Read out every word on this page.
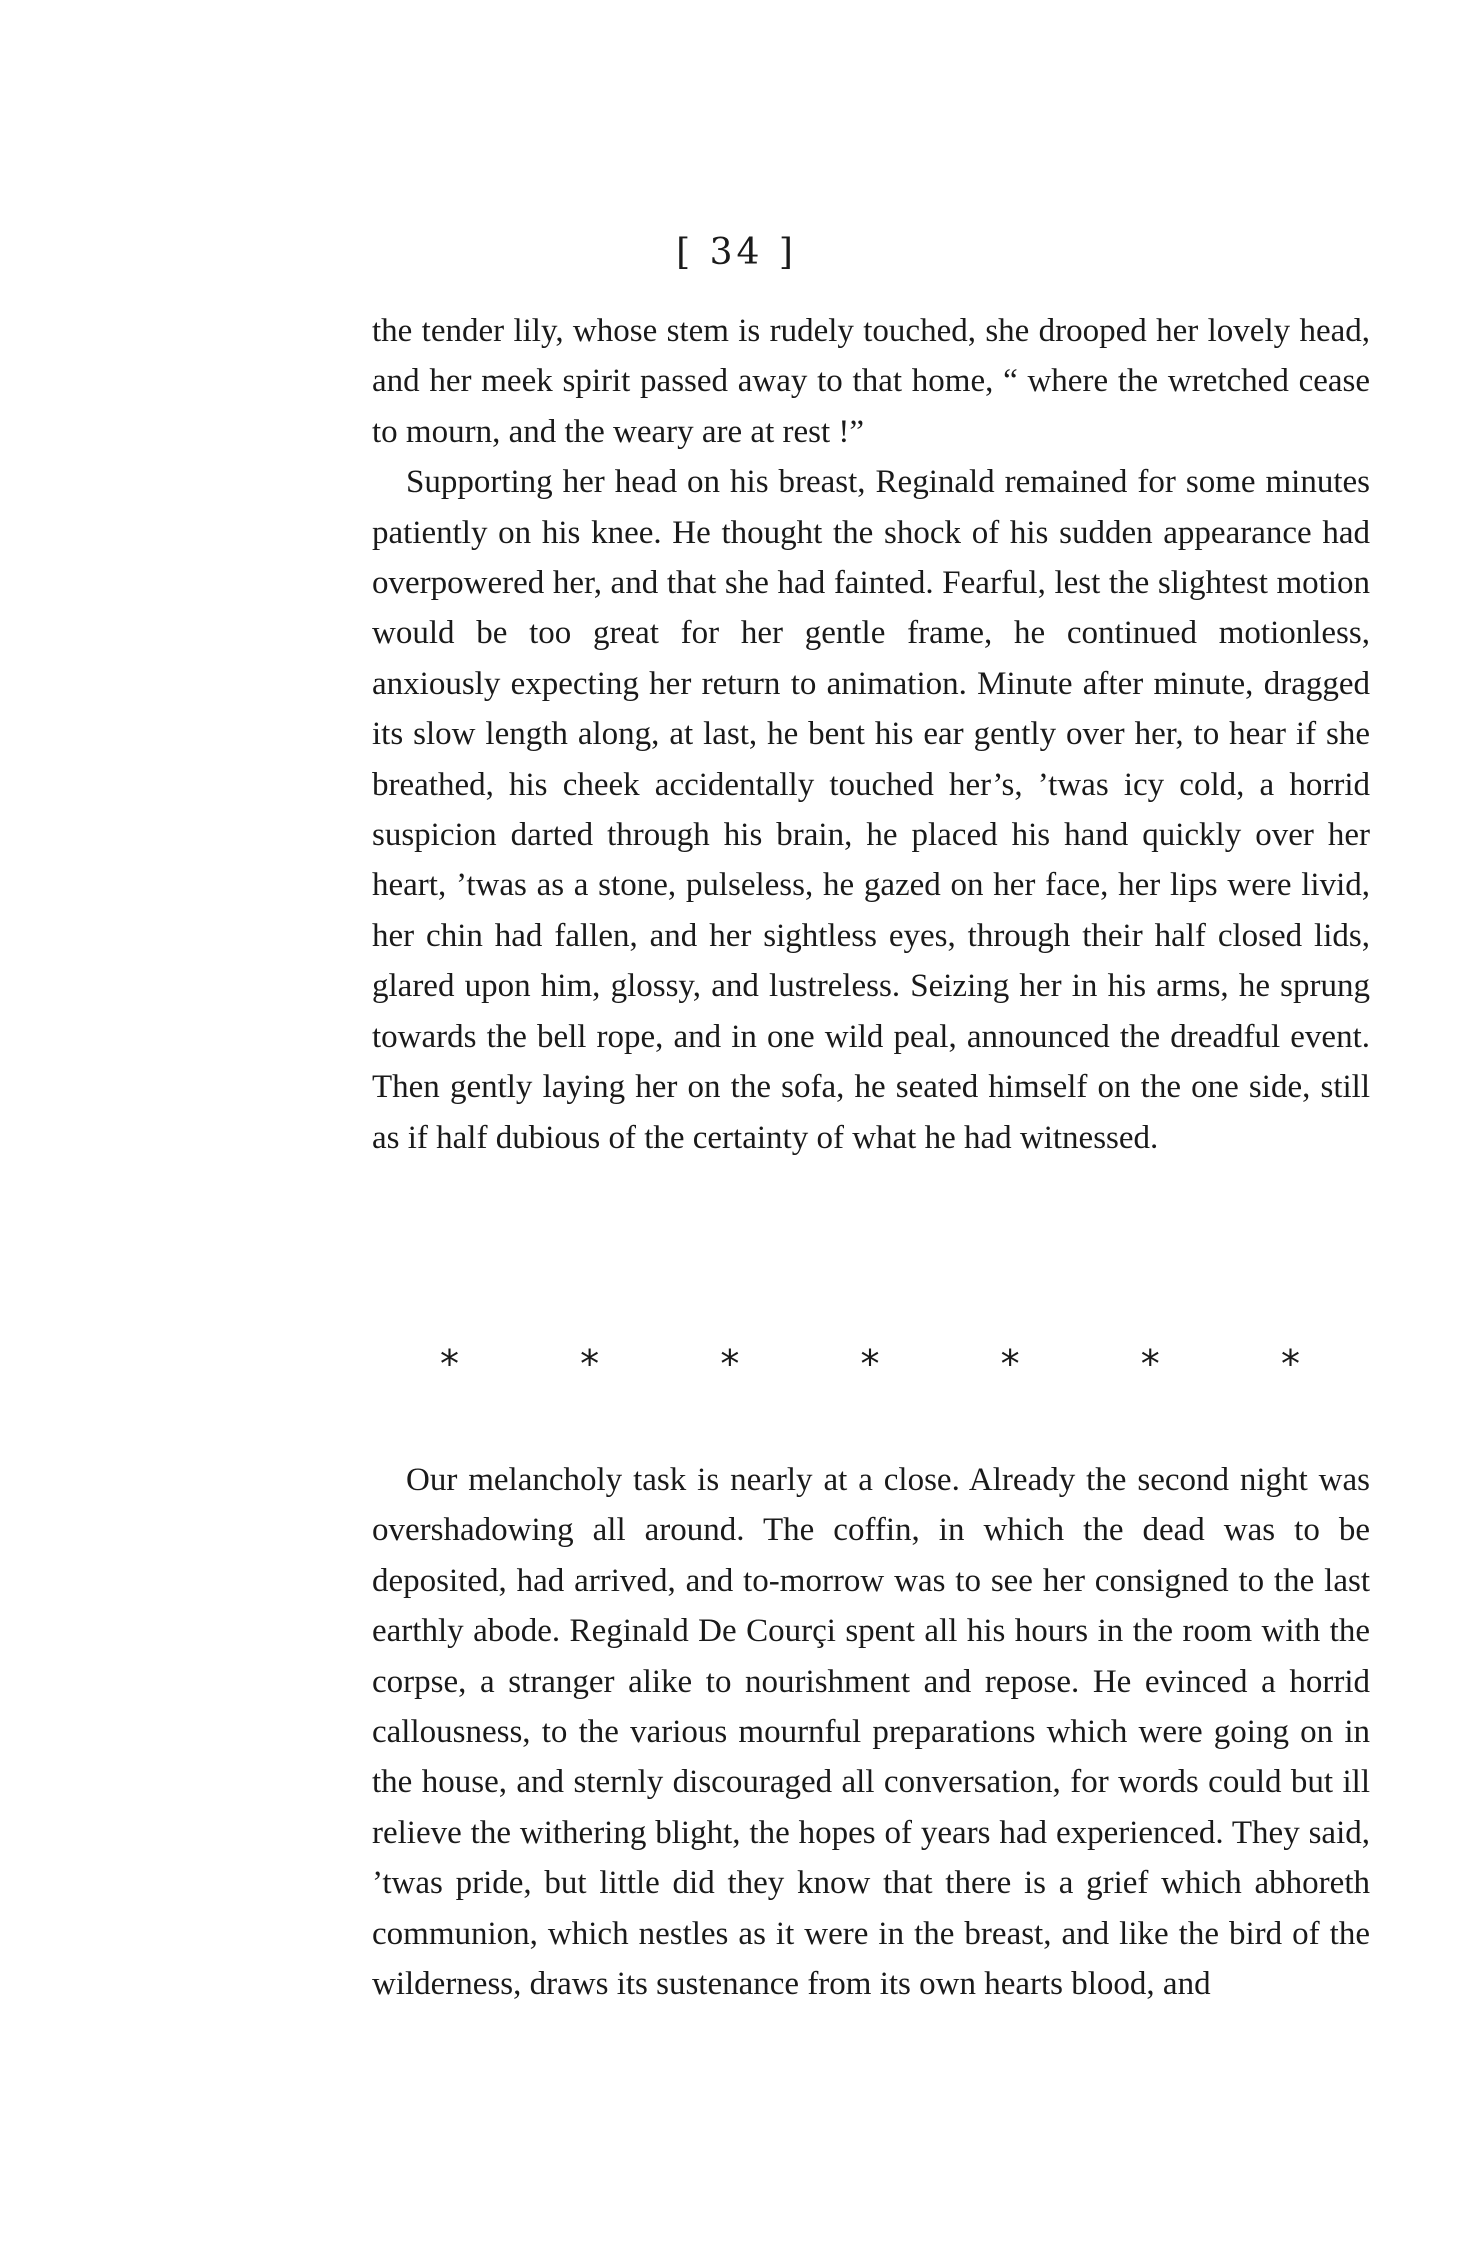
[ 34 ]

the tender lily, whose stem is rudely touched, she drooped her lovely head, and her meek spirit passed away to that home, “ where the wretched cease to mourn, and the weary are at rest !”

Supporting her head on his breast, Reginald remained for some minutes patiently on his knee. He thought the shock of his sudden appearance had overpowered her, and that she had fainted. Fearful, lest the slightest motion would be too great for her gentle frame, he continued motionless, anxiously expecting her return to animation. Minute after minute, dragged its slow length along, at last, he bent his ear gently over her, to hear if she breathed, his cheek accidentally touched her’s, ’twas icy cold, a horrid suspicion darted through his brain, he placed his hand quickly over her heart, ’twas as a stone, pulseless, he gazed on her face, her lips were livid, her chin had fallen, and her sightless eyes, through their half closed lids, glared upon him, glossy, and lustreless. Seizing her in his arms, he sprung towards the bell rope, and in one wild peal, announced the dreadful event. Then gently laying her on the sofa, he seated himself on the one side, still as if half dubious of the certainty of what he had witnessed.

*	*	*	*	*	*	*

Our melancholy task is nearly at a close. Already the second night was overshadowing all around. The coffin, in which the dead was to be deposited, had arrived, and to-morrow was to see her consigned to the last earthly abode. Reginald De Courçi spent all his hours in the room with the corpse, a stranger alike to nourishment and repose. He evinced a horrid callousness, to the various mournful preparations which were going on in the house, and sternly discouraged all conversation, for words could but ill relieve the withering blight, the hopes of years had experienced. They said, ’twas pride, but little did they know that there is a grief which abhoreth communion, which nestles as it were in the breast, and like the bird of the wilderness, draws its sustenance from its own hearts blood, and
